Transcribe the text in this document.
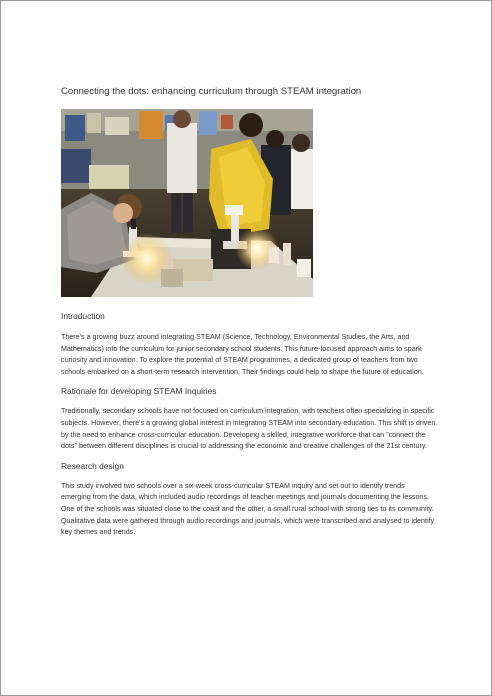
Connecting the dots: enhancing curriculum through STEAM integration
Introduction

There's a growing buzz around integrating STEAM (Science, Technology, Environmental Studies, the Arts, and Mathematics) into the curriculum for junior secondary school students. This future-focused approach aims to spark curiosity and innovation. To explore the potential of STEAM programmes, a dedicated group of teachers from two schools embarked on a short-term research intervention. Their findings could help to shape the future of education.

Rationale for developing STEAM Inquiries

Traditionally, secondary schools have not focused on curriculum integration, with teachers often specializing in specific subjects. However, there's a growing global interest in integrating STEAM into secondary education. This shift is driven by the need to enhance cross-curricular education. Developing a skilled, integrative workforce that can "connect the dots" between different disciplines is crucial to addressing the economic and creative challenges of the 21st century.

Research design

This study involved two schools over a six-week cross-curricular STEAM inquiry and set out to identify trends emerging from the data, which included audio recordings of teacher meetings and journals documenting the lessons. One of the schools was situated close to the coast and the other, a small rural school with strong ties to its community. Qualitative data were gathered through audio recordings and journals, which were transcribed and analysed to identify key themes and trends.
